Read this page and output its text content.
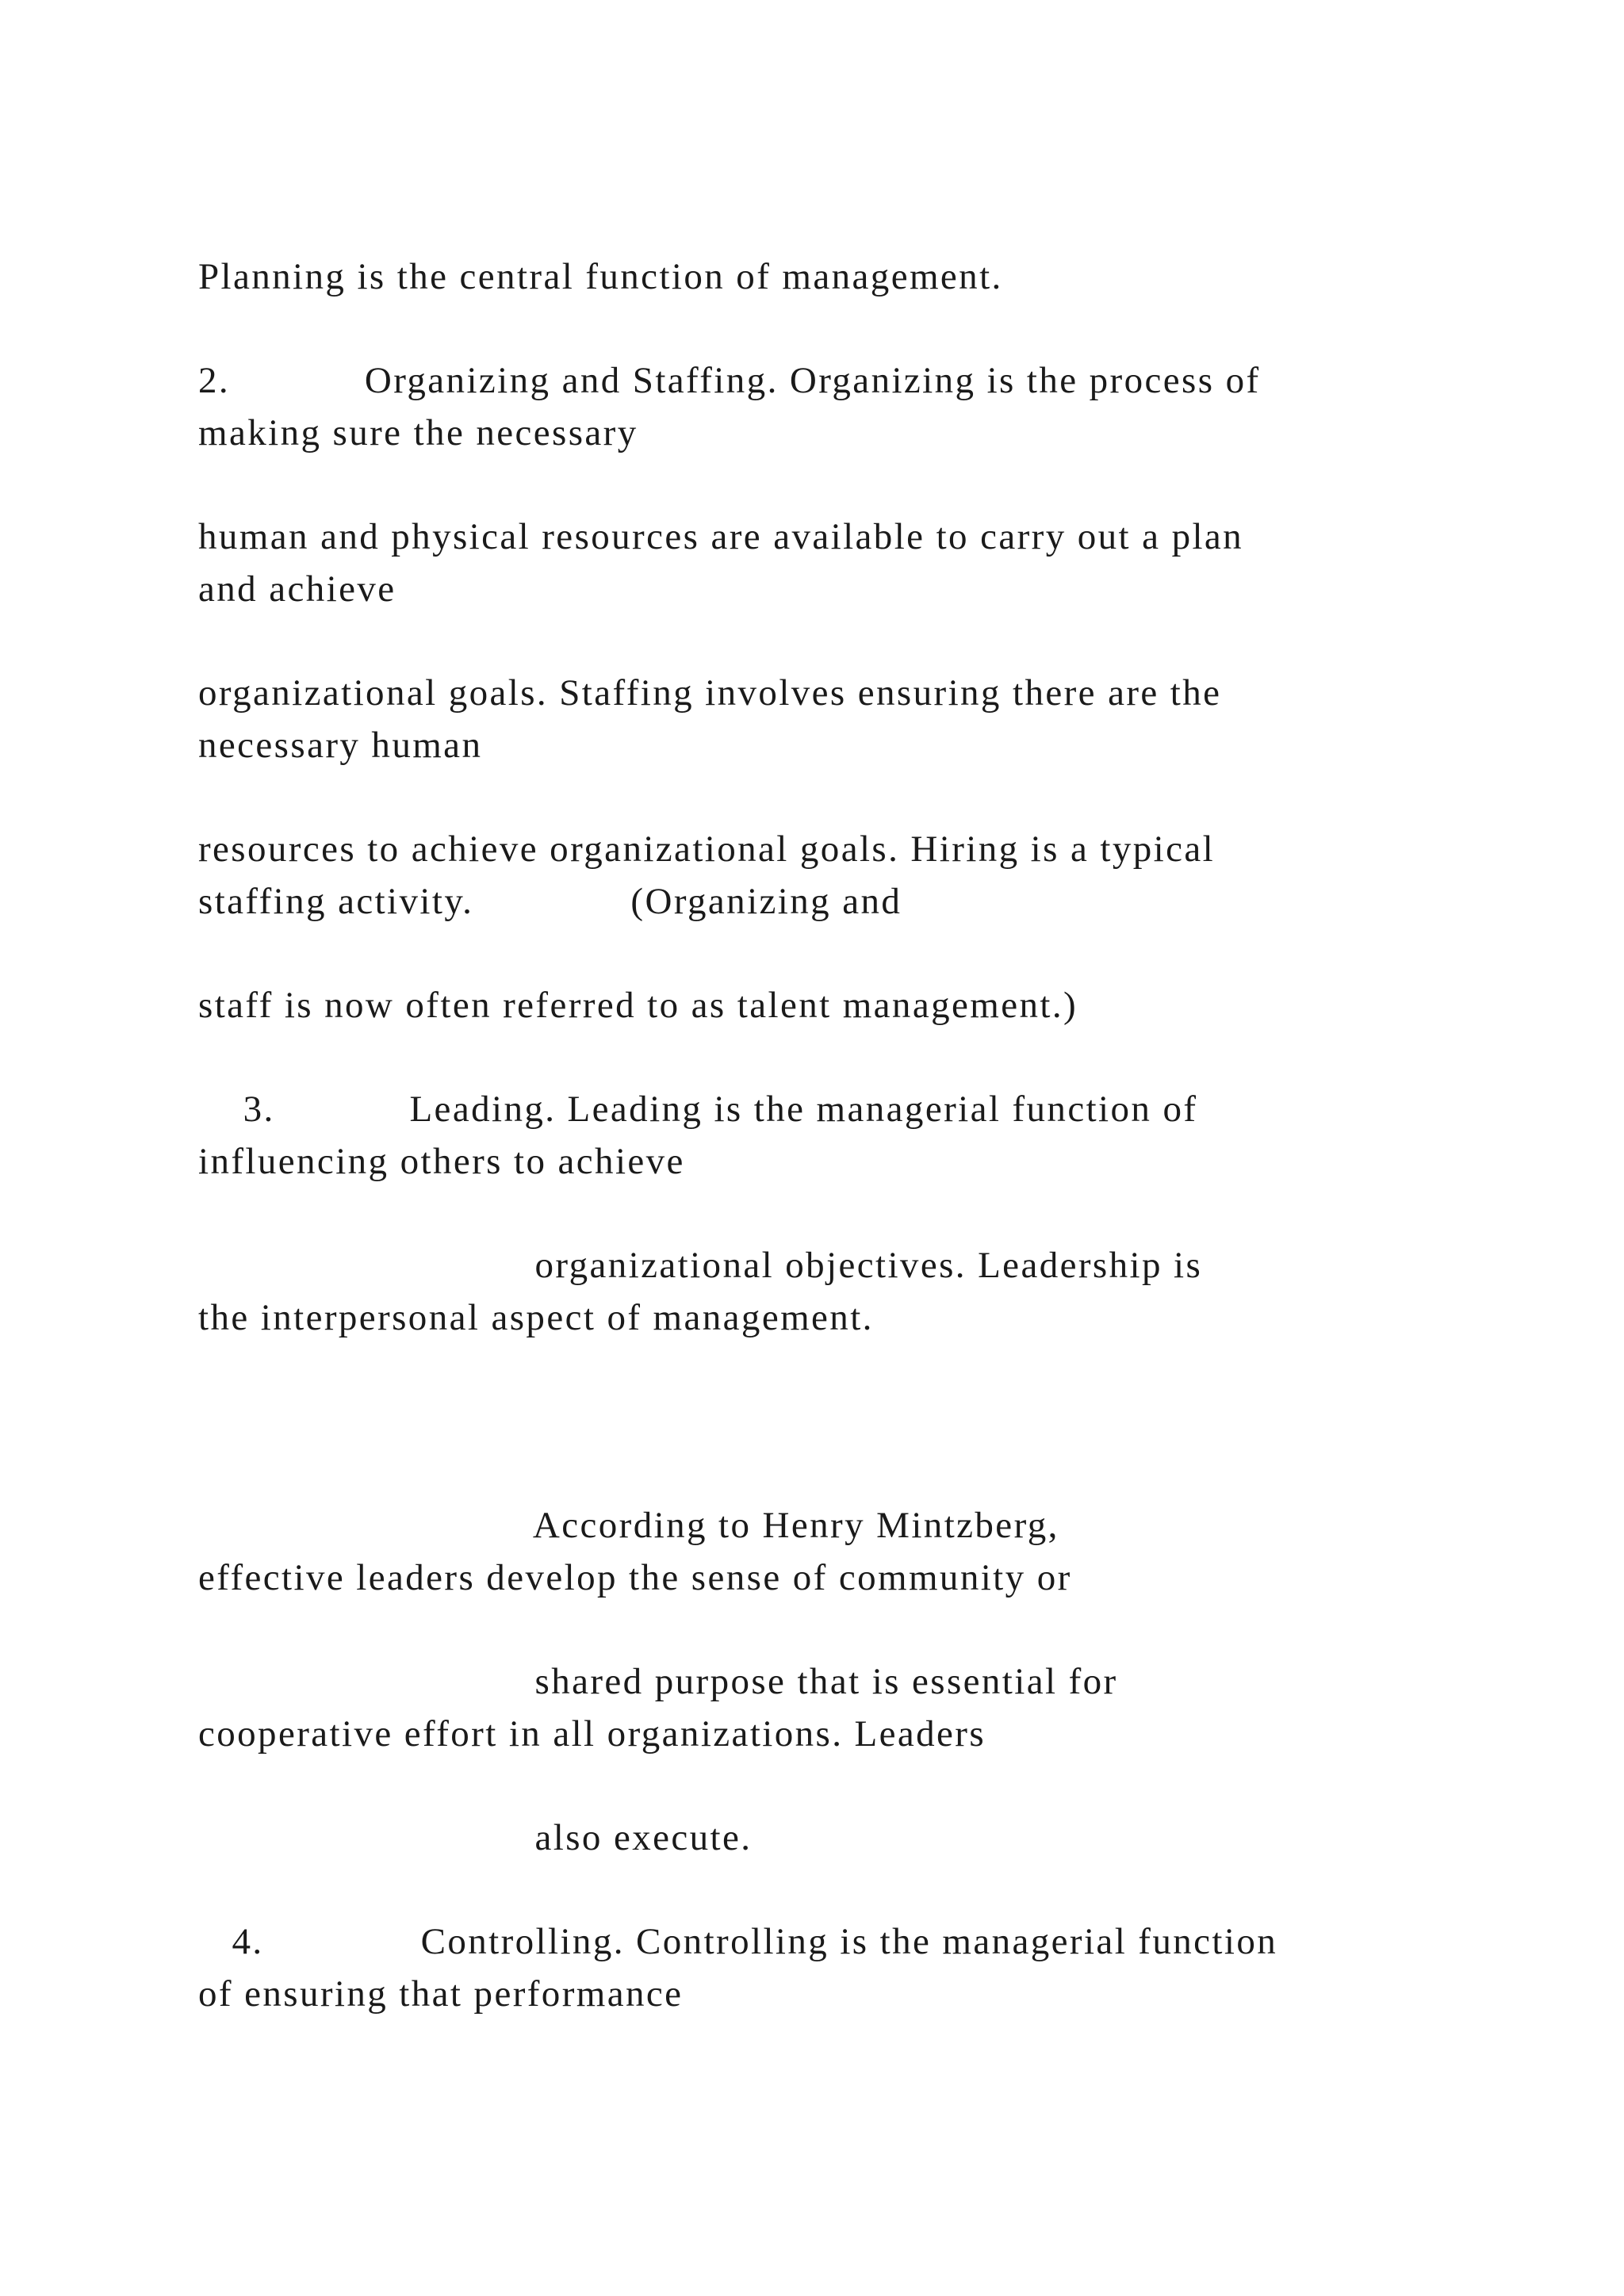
Planning is the central function of management.

2.            Organizing and Staffing. Organizing is the process of

making sure the necessary

human and physical resources are available to carry out a plan

and achieve

organizational goals. Staffing involves ensuring there are the

necessary human

resources to achieve organizational goals. Hiring is a typical

staffing activity.              (Organizing and

staff is now often referred to as talent management.)

3.            Leading. Leading is the managerial function of

influencing others to achieve

organizational objectives. Leadership is

the interpersonal aspect of management.

According to Henry Mintzberg,

effective leaders develop the sense of community or

shared purpose that is essential for

cooperative effort in all organizations. Leaders

also execute.

4.              Controlling. Controlling is the managerial function

of ensuring that performance
